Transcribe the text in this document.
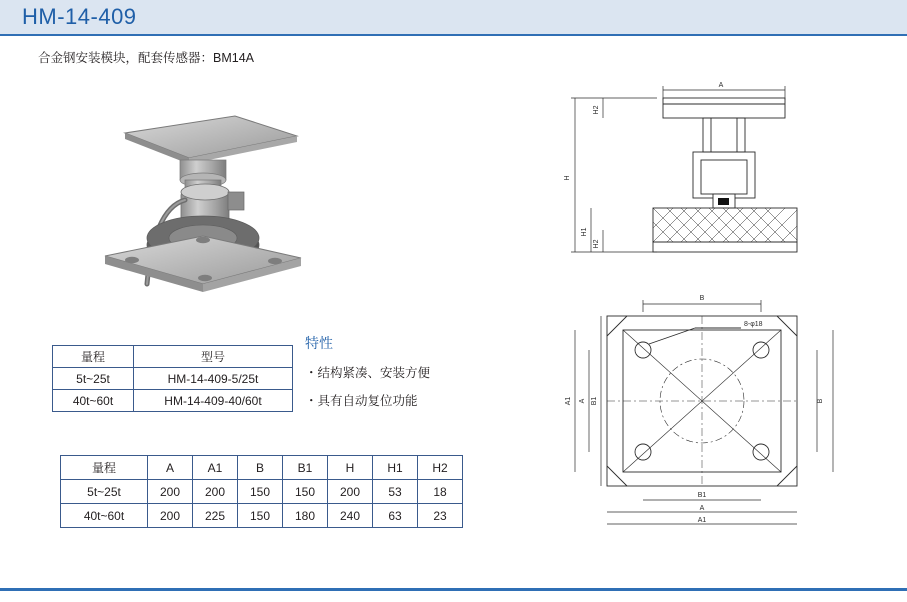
HM-14-409
合金钢安装模块，配套传感器：BM14A
量程	型号
5t~25t	HM-14-409-5/25t
40t~60t	HM-14-409-40/60t
特性
・结构紧凑、安装方便
・具有自动复位功能
量程	A	A1	B	B1	H	H1	H2
5t~25t	200	200	150	150	200	53	18
40t~60t	200	225	150	180	240	63	23
A
H
H1
H2
H2
B
B1
A
A1
A1 A B1	B
8-φ18
